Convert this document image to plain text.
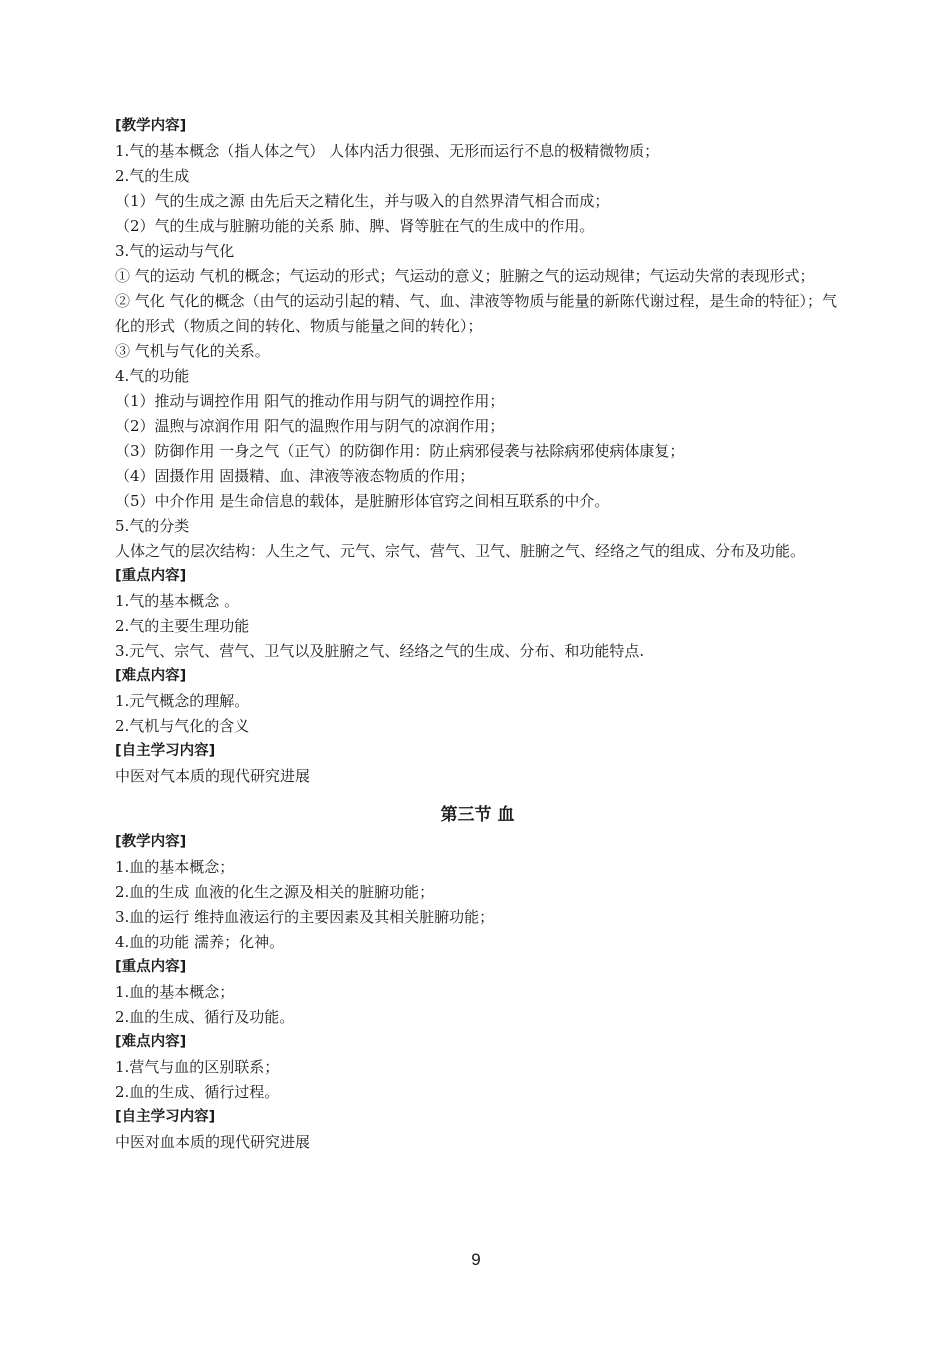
[教学内容]
1.气的基本概念（指人体之气） 人体内活力很强、无形而运行不息的极精微物质；
2.气的生成
（1）气的生成之源 由先后天之精化生，并与吸入的自然界清气相合而成；
（2）气的生成与脏腑功能的关系 肺、脾、肾等脏在气的生成中的作用。
3.气的运动与气化
① 气的运动 气机的概念；气运动的形式；气运动的意义；脏腑之气的运动规律；气运动失常的表现形式；
② 气化 气化的概念（由气的运动引起的精、气、血、津液等物质与能量的新陈代谢过程，是生命的特征）；气化的形式（物质之间的转化、物质与能量之间的转化）；
③ 气机与气化的关系。
4.气的功能
（1）推动与调控作用 阳气的推动作用与阴气的调控作用；
（2）温煦与凉润作用 阳气的温煦作用与阴气的凉润作用；
（3）防御作用 一身之气（正气）的防御作用：防止病邪侵袭与祛除病邪使病体康复；
（4）固摄作用 固摄精、血、津液等液态物质的作用；
（5）中介作用 是生命信息的载体，是脏腑形体官窍之间相互联系的中介。
5.气的分类
人体之气的层次结构：人生之气、元气、宗气、营气、卫气、脏腑之气、经络之气的组成、分布及功能。
[重点内容]
1.气的基本概念 。
2.气的主要生理功能
3.元气、宗气、营气、卫气以及脏腑之气、经络之气的生成、分布、和功能特点.
[难点内容]
1.元气概念的理解。
2.气机与气化的含义
[自主学习内容]
中医对气本质的现代研究进展
第三节 血
[教学内容]
1.血的基本概念；
2.血的生成 血液的化生之源及相关的脏腑功能；
3.血的运行 维持血液运行的主要因素及其相关脏腑功能；
4.血的功能 濡养；化神。
[重点内容]
1.血的基本概念；
2.血的生成、循行及功能。
[难点内容]
1.营气与血的区别联系；
2.血的生成、循行过程。
[自主学习内容]
中医对血本质的现代研究进展
9
